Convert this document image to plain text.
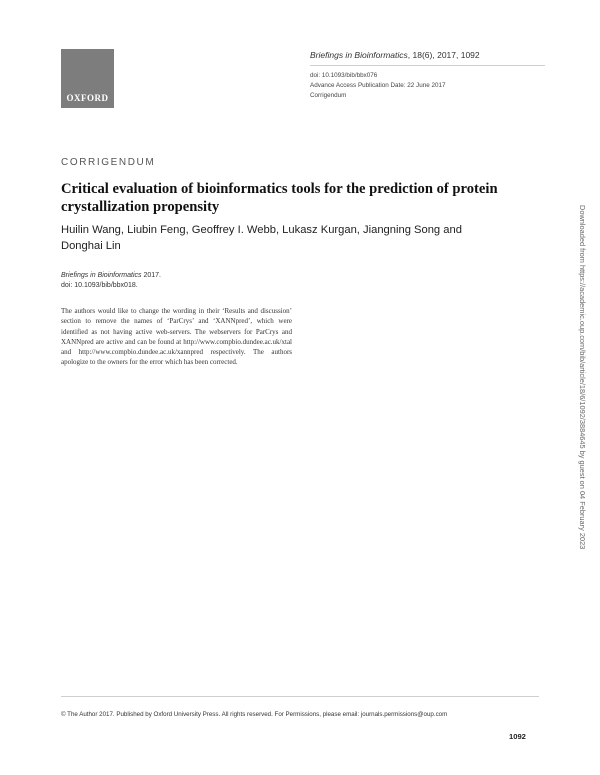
OXFORD
Briefings in Bioinformatics, 18(6), 2017, 1092
doi: 10.1093/bib/bbx076
Advance Access Publication Date: 22 June 2017
Corrigendum
CORRIGENDUM
Critical evaluation of bioinformatics tools for the prediction of protein crystallization propensity
Huilin Wang, Liubin Feng, Geoffrey I. Webb, Lukasz Kurgan, Jiangning Song and Donghai Lin
Briefings in Bioinformatics 2017.
doi: 10.1093/bib/bbx018.
The authors would like to change the wording in their ‘Results and discussion’ section to remove the names of ‘ParCrys’ and ‘XANNpred’, which were identified as not having active web-servers. The webservers for ParCrys and XANNpred are active and can be found at http://www.compbio.dundee.ac.uk/xtal and http://www.compbio.dundee.ac.uk/xannpred respectively. The authors apologize to the owners for the error which has been corrected.	Downloaded from https://academic.oup.com/bib/article/18/6/1092/3884645 by guest on 04 February 2023
© The Author 2017. Published by Oxford University Press. All rights reserved. For Permissions, please email: journals.permissions@oup.com
1092
